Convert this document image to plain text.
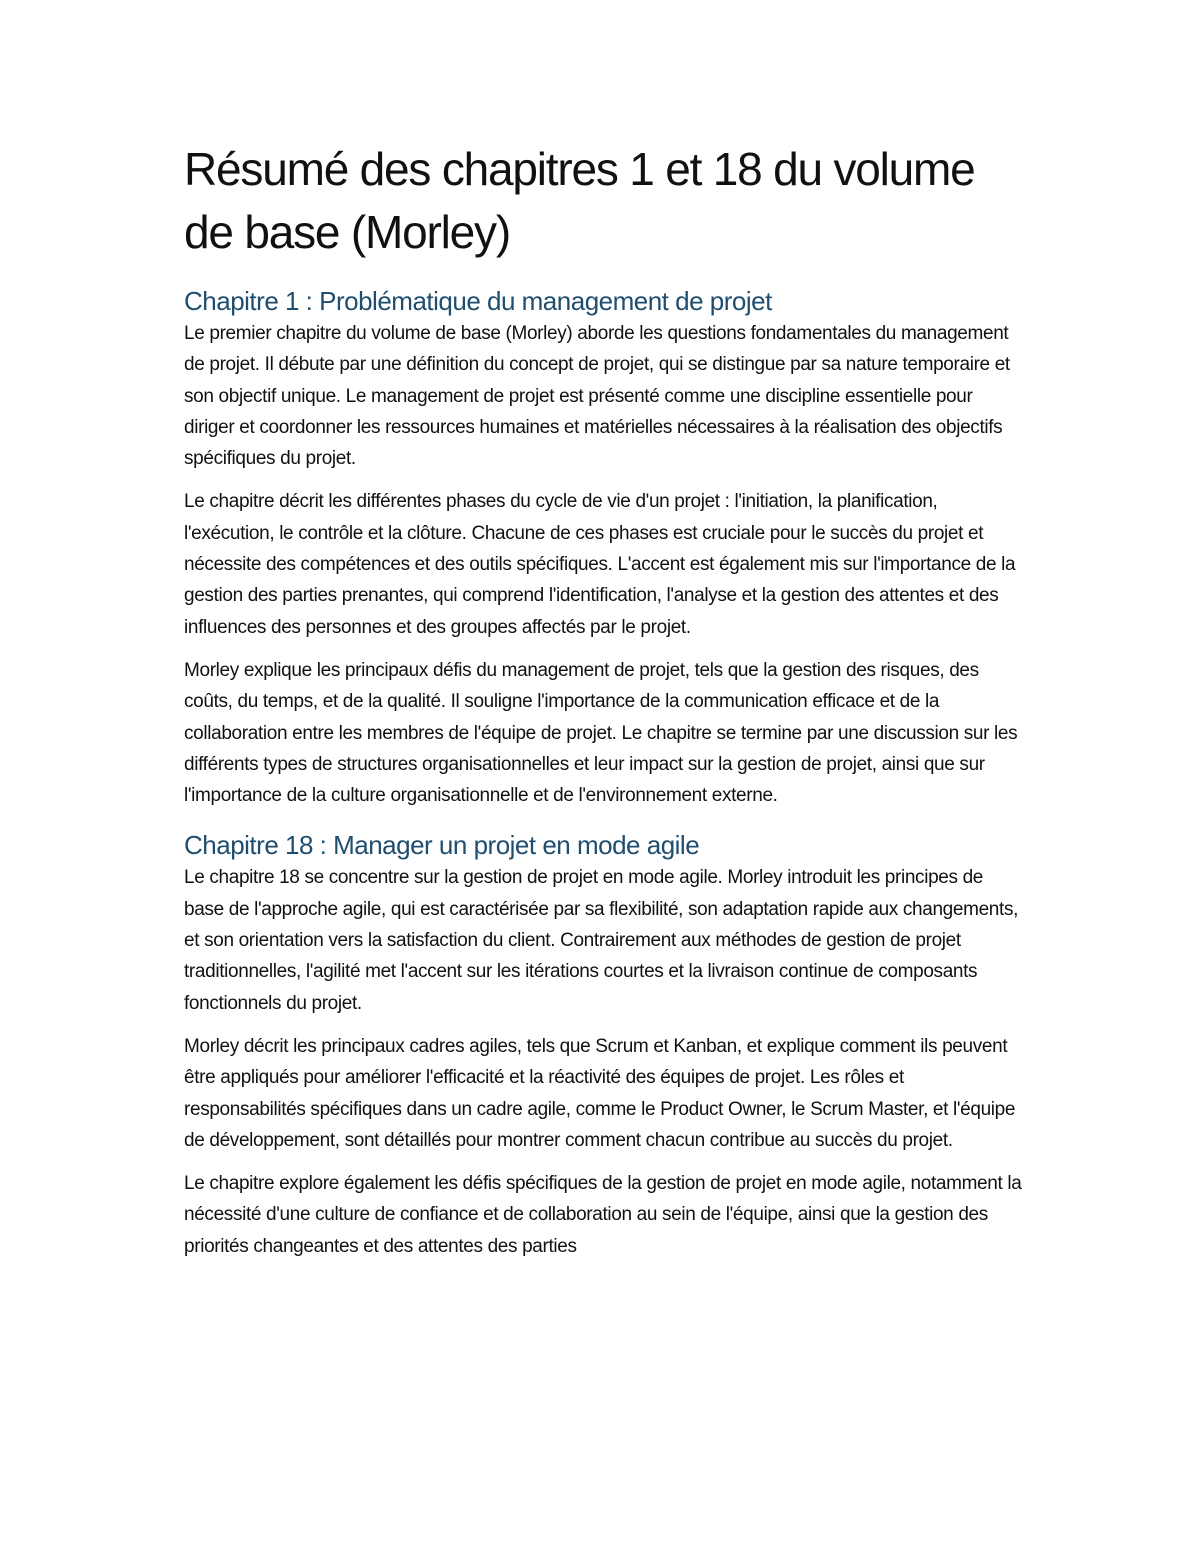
Résumé des chapitres 1 et 18 du volume de base (Morley)
Chapitre 1 : Problématique du management de projet

Le premier chapitre du volume de base (Morley) aborde les questions fondamentales du management de projet. Il débute par une définition du concept de projet, qui se distingue par sa nature temporaire et son objectif unique. Le management de projet est présenté comme une discipline essentielle pour diriger et coordonner les ressources humaines et matérielles nécessaires à la réalisation des objectifs spécifiques du projet.

Le chapitre décrit les différentes phases du cycle de vie d'un projet : l'initiation, la planification, l'exécution, le contrôle et la clôture. Chacune de ces phases est cruciale pour le succès du projet et nécessite des compétences et des outils spécifiques. L'accent est également mis sur l'importance de la gestion des parties prenantes, qui comprend l'identification, l'analyse et la gestion des attentes et des influences des personnes et des groupes affectés par le projet.

Morley explique les principaux défis du management de projet, tels que la gestion des risques, des coûts, du temps, et de la qualité. Il souligne l'importance de la communication efficace et de la collaboration entre les membres de l'équipe de projet. Le chapitre se termine par une discussion sur les différents types de structures organisationnelles et leur impact sur la gestion de projet, ainsi que sur l'importance de la culture organisationnelle et de l'environnement externe.

Chapitre 18 : Manager un projet en mode agile

Le chapitre 18 se concentre sur la gestion de projet en mode agile. Morley introduit les principes de base de l'approche agile, qui est caractérisée par sa flexibilité, son adaptation rapide aux changements, et son orientation vers la satisfaction du client. Contrairement aux méthodes de gestion de projet traditionnelles, l'agilité met l'accent sur les itérations courtes et la livraison continue de composants fonctionnels du projet.

Morley décrit les principaux cadres agiles, tels que Scrum et Kanban, et explique comment ils peuvent être appliqués pour améliorer l'efficacité et la réactivité des équipes de projet. Les rôles et responsabilités spécifiques dans un cadre agile, comme le Product Owner, le Scrum Master, et l'équipe de développement, sont détaillés pour montrer comment chacun contribue au succès du projet.

Le chapitre explore également les défis spécifiques de la gestion de projet en mode agile, notamment la nécessité d'une culture de confiance et de collaboration au sein de l'équipe, ainsi que la gestion des priorités changeantes et des attentes des parties
